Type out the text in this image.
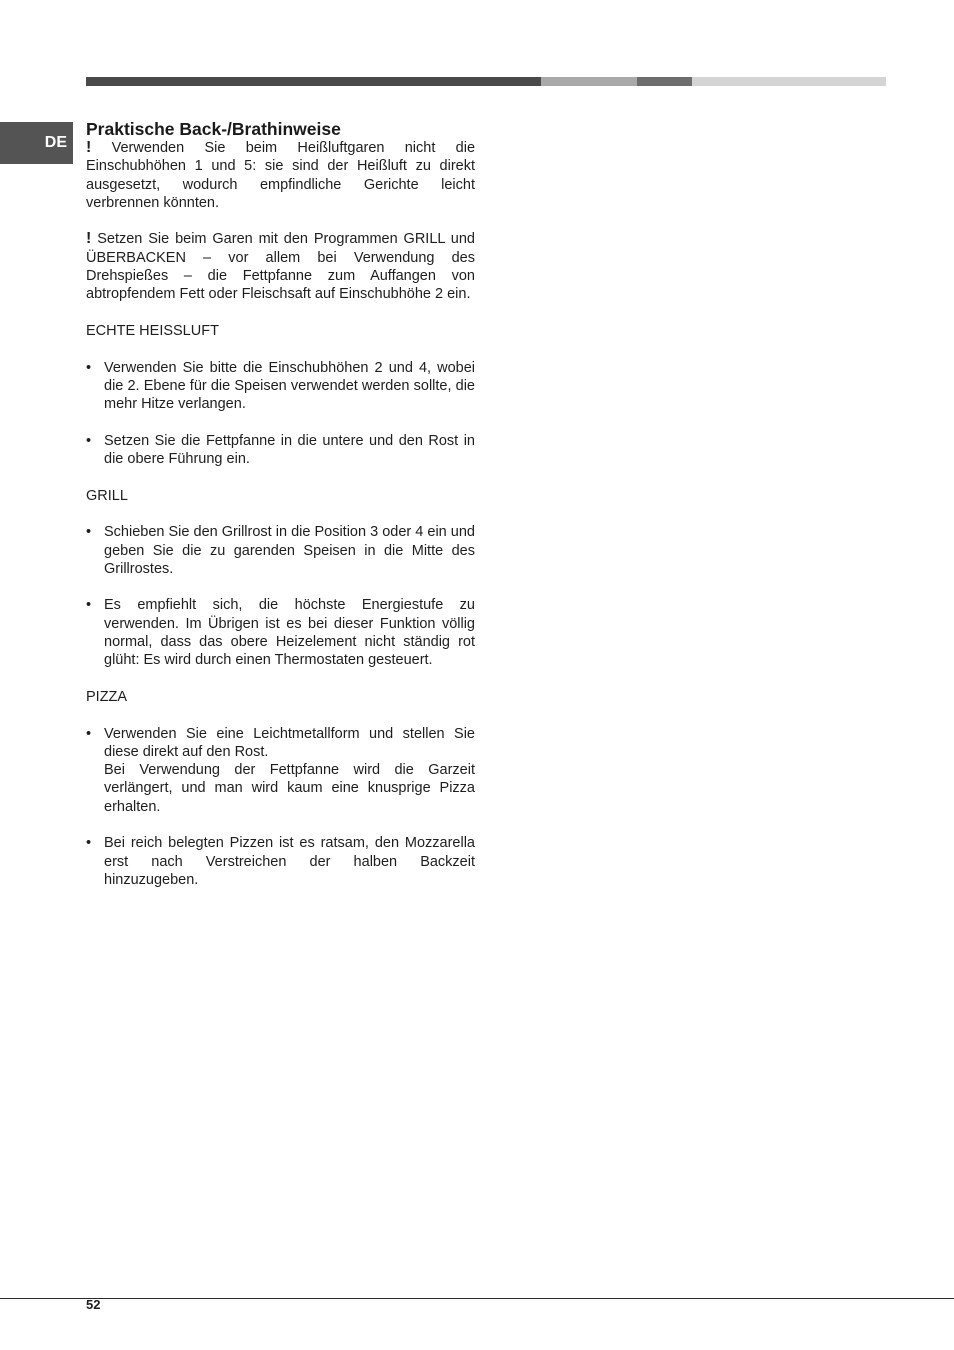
DE
Praktische Back-/Brathinweise

! Verwenden Sie beim Heißluftgaren nicht die Einschubhöhen 1 und 5: sie sind der Heißluft zu direkt ausgesetzt, wodurch empfindliche Gerichte leicht verbrennen könnten.

! Setzen Sie beim Garen mit den Programmen GRILL und ÜBERBACKEN – vor allem bei Verwendung des Drehspießes – die Fettpfanne zum Auffangen von abtropfendem Fett oder Fleischsaft auf Einschubhöhe 2 ein.

ECHTE HEISSLUFT

• Verwenden Sie bitte die Einschubhöhen 2 und 4, wobei die 2. Ebene für die Speisen verwendet werden sollte, die mehr Hitze verlangen.
• Setzen Sie die Fettpfanne in die untere und den Rost in die obere Führung ein.

GRILL

• Schieben Sie den Grillrost in die Position 3 oder 4 ein und geben Sie die zu garenden Speisen in die Mitte des Grillrostes.
• Es empfiehlt sich, die höchste Energiestufe zu verwenden. Im Übrigen ist es bei dieser Funktion völlig normal, dass das obere Heizelement nicht ständig rot glüht: Es wird durch einen Thermostaten gesteuert.

PIZZA

• Verwenden Sie eine Leichtmetallform und stellen Sie diese direkt auf den Rost.
Bei Verwendung der Fettpfanne wird die Garzeit verlängert, und man wird kaum eine knusprige Pizza erhalten.
• Bei reich belegten Pizzen ist es ratsam, den Mozzarella erst nach Verstreichen der halben Backzeit hinzuzugeben.
52
